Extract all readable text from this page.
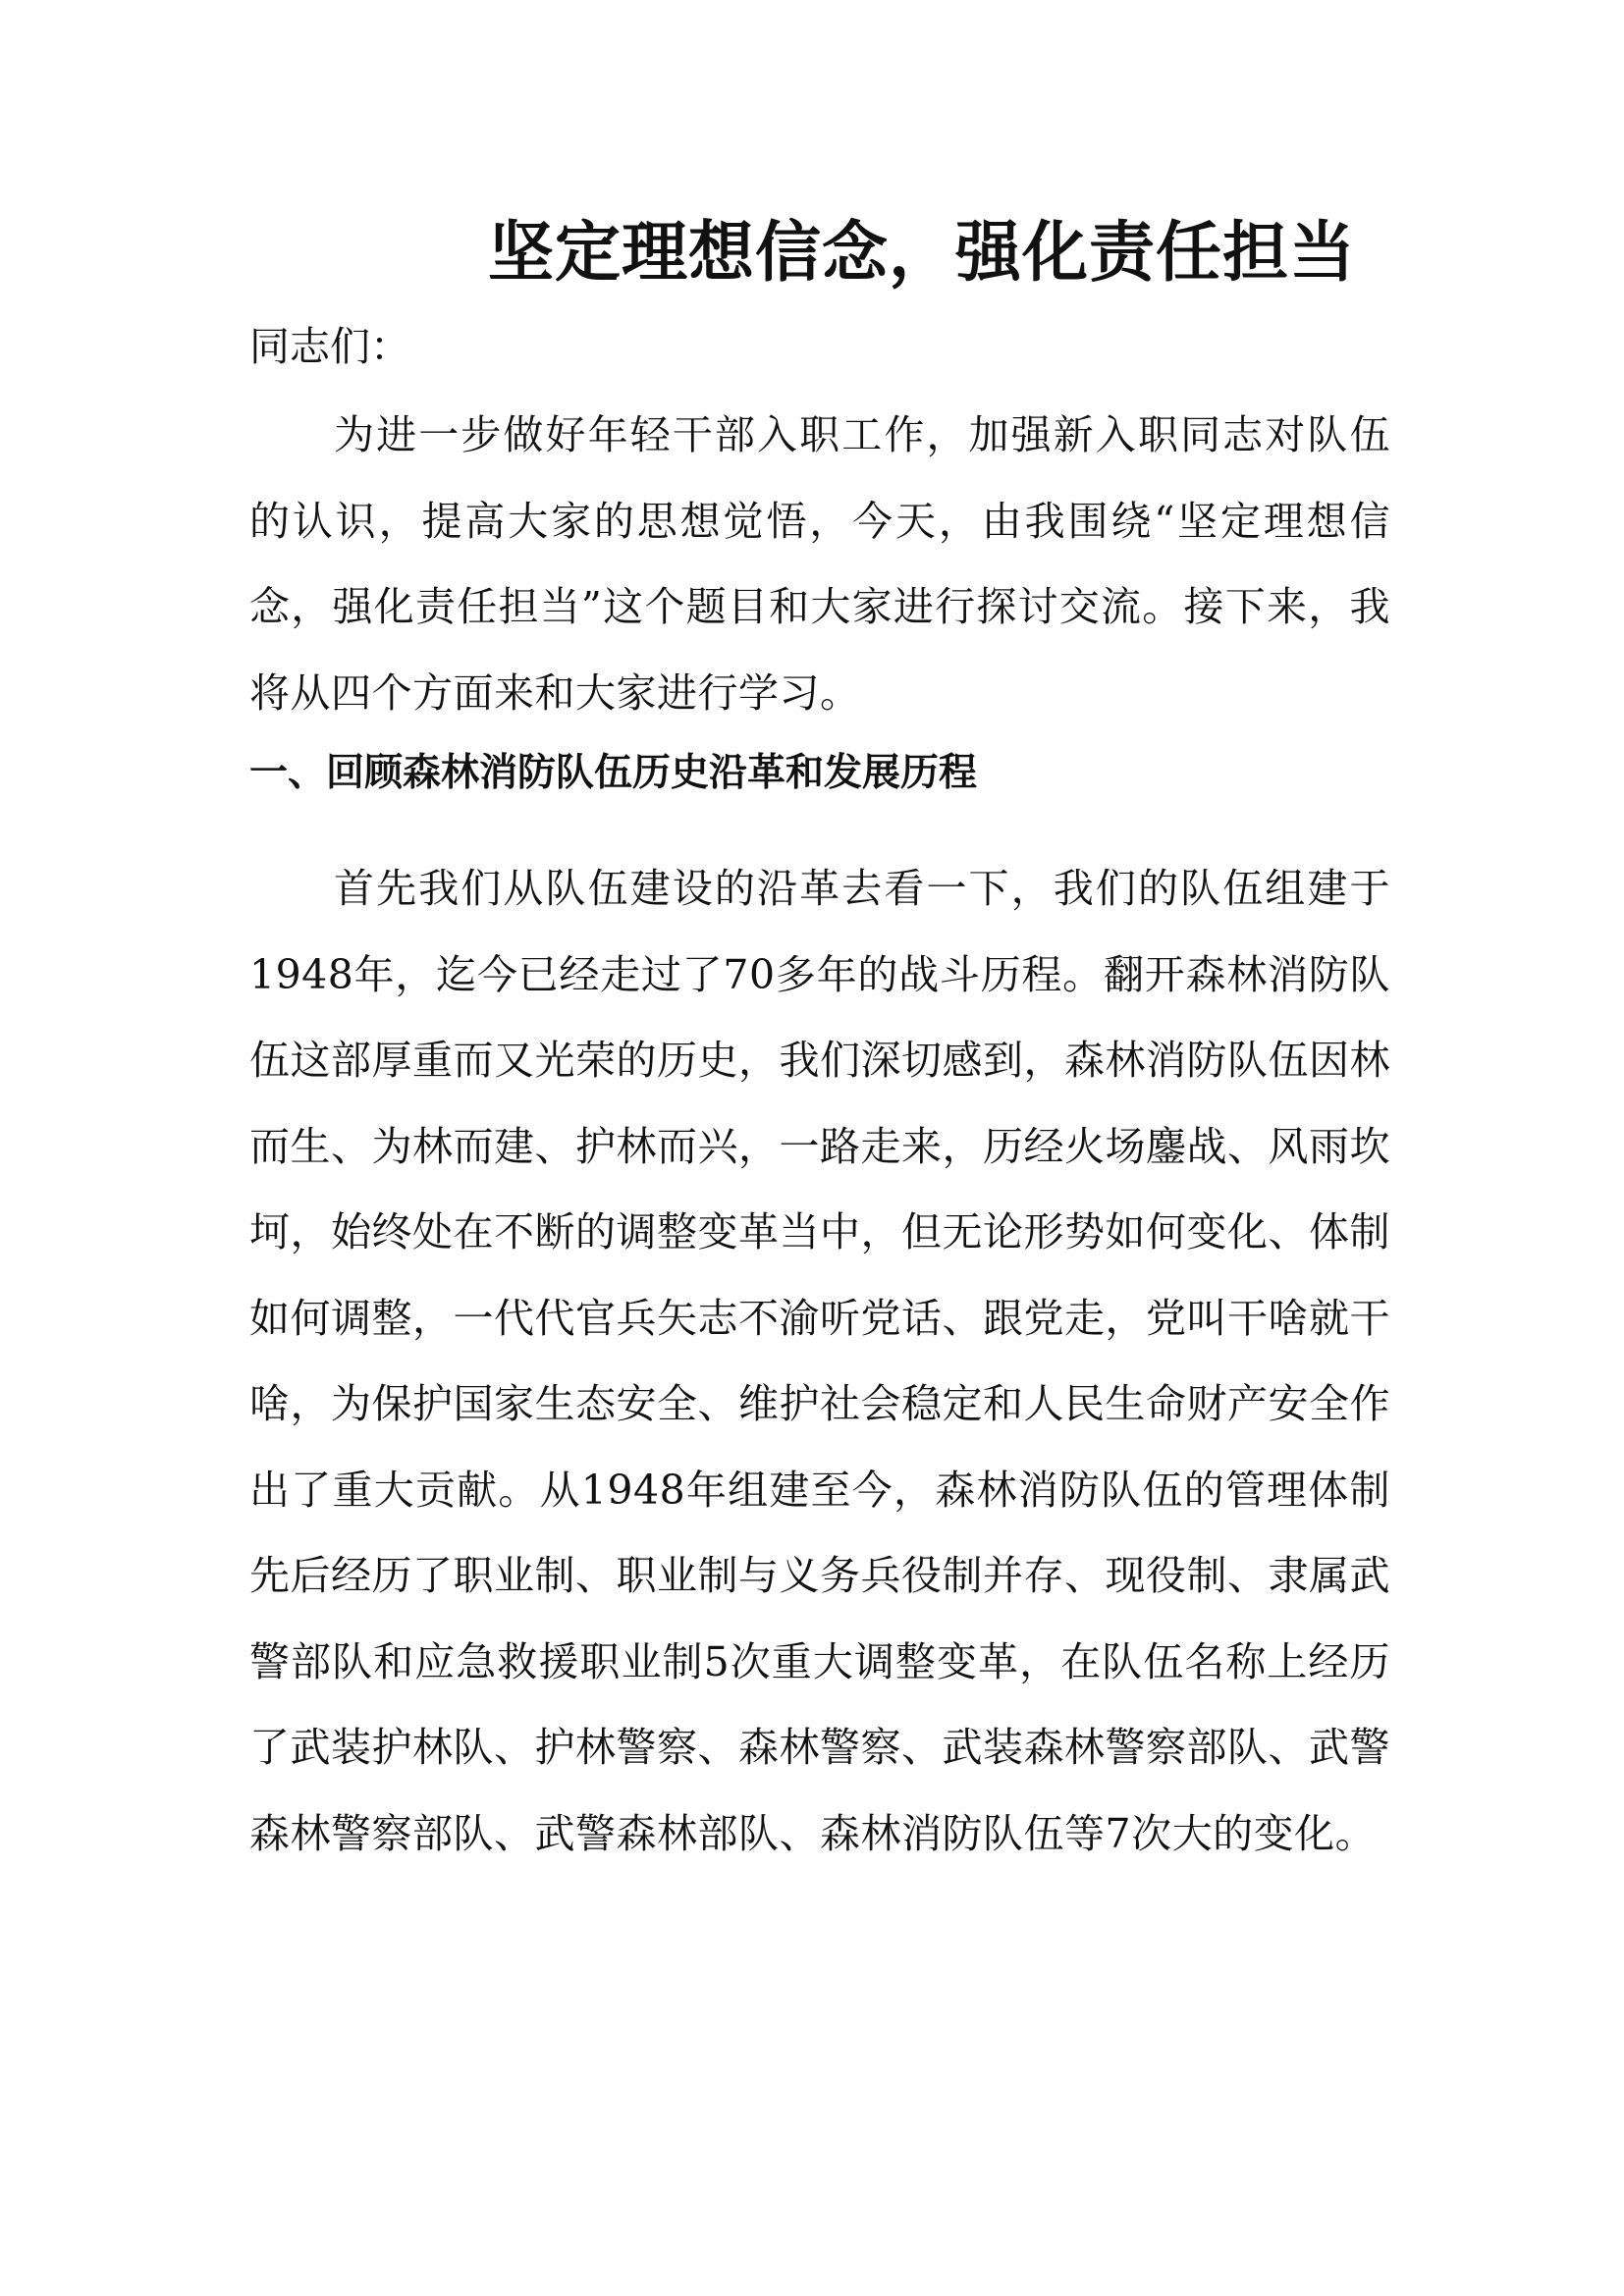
坚定理想信念，强化责任担当

同志们：

为进一步做好年轻干部入职工作，加强新入职同志对队伍的认识，提高大家的思想觉悟，今天，由我围绕“坚定理想信念，强化责任担当”这个题目和大家进行探讨交流。接下来，我将从四个方面来和大家进行学习。

一、回顾森林消防队伍历史沿革和发展历程

首先我们从队伍建设的沿革去看一下，我们的队伍组建于1948年，迄今已经走过了70多年的战斗历程。翻开森林消防队伍这部厚重而又光荣的历史，我们深切感到，森林消防队伍因林而生、为林而建、护林而兴，一路走来，历经火场鏖战、风雨坎坷，始终处在不断的调整变革当中，但无论形势如何变化、体制如何调整，一代代官兵矢志不渝听党话、跟党走，党叫干啥就干啥，为保护国家生态安全、维护社会稳定和人民生命财产安全作出了重大贡献。从1948年组建至今，森林消防队伍的管理体制先后经历了职业制、职业制与义务兵役制并存、现役制、隶属武警部队和应急救援职业制5次重大调整变革，在队伍名称上经历了武装护林队、护林警察、森林警察、武装森林警察部队、武警森林警察部队、武警森林部队、森林消防队伍等7次大的变化。
